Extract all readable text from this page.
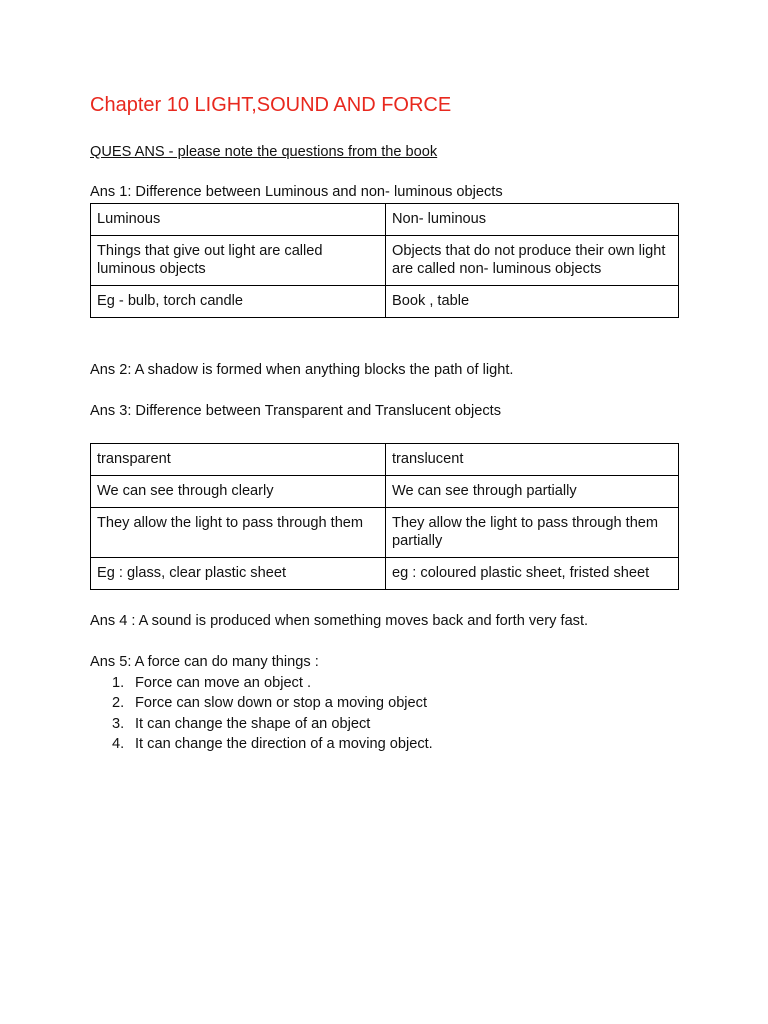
Chapter 10 LIGHT,SOUND AND FORCE
QUES ANS - please note the questions from the book
Ans 1: Difference between Luminous and non- luminous objects
Luminous	Non- luminous
Things that give out light are called luminous objects	Objects that do not produce their own light are called non- luminous objects
Eg - bulb, torch candle	Book , table
Ans 2: A shadow is formed when anything blocks the path of light.
Ans 3: Difference between Transparent and Translucent objects
transparent	translucent
We can see through clearly	We can see through partially
They allow the light to pass through them	They allow the light to pass through them partially
Eg : glass, clear plastic sheet	eg : coloured plastic sheet, fristed sheet
Ans 4 : A sound is produced when something moves back and forth very fast.
Ans 5: A force can do many things :
1. Force can move an object .
2. Force can slow down or stop a moving object
3. It can change the shape of an object
4. It can change the direction of a moving object.
